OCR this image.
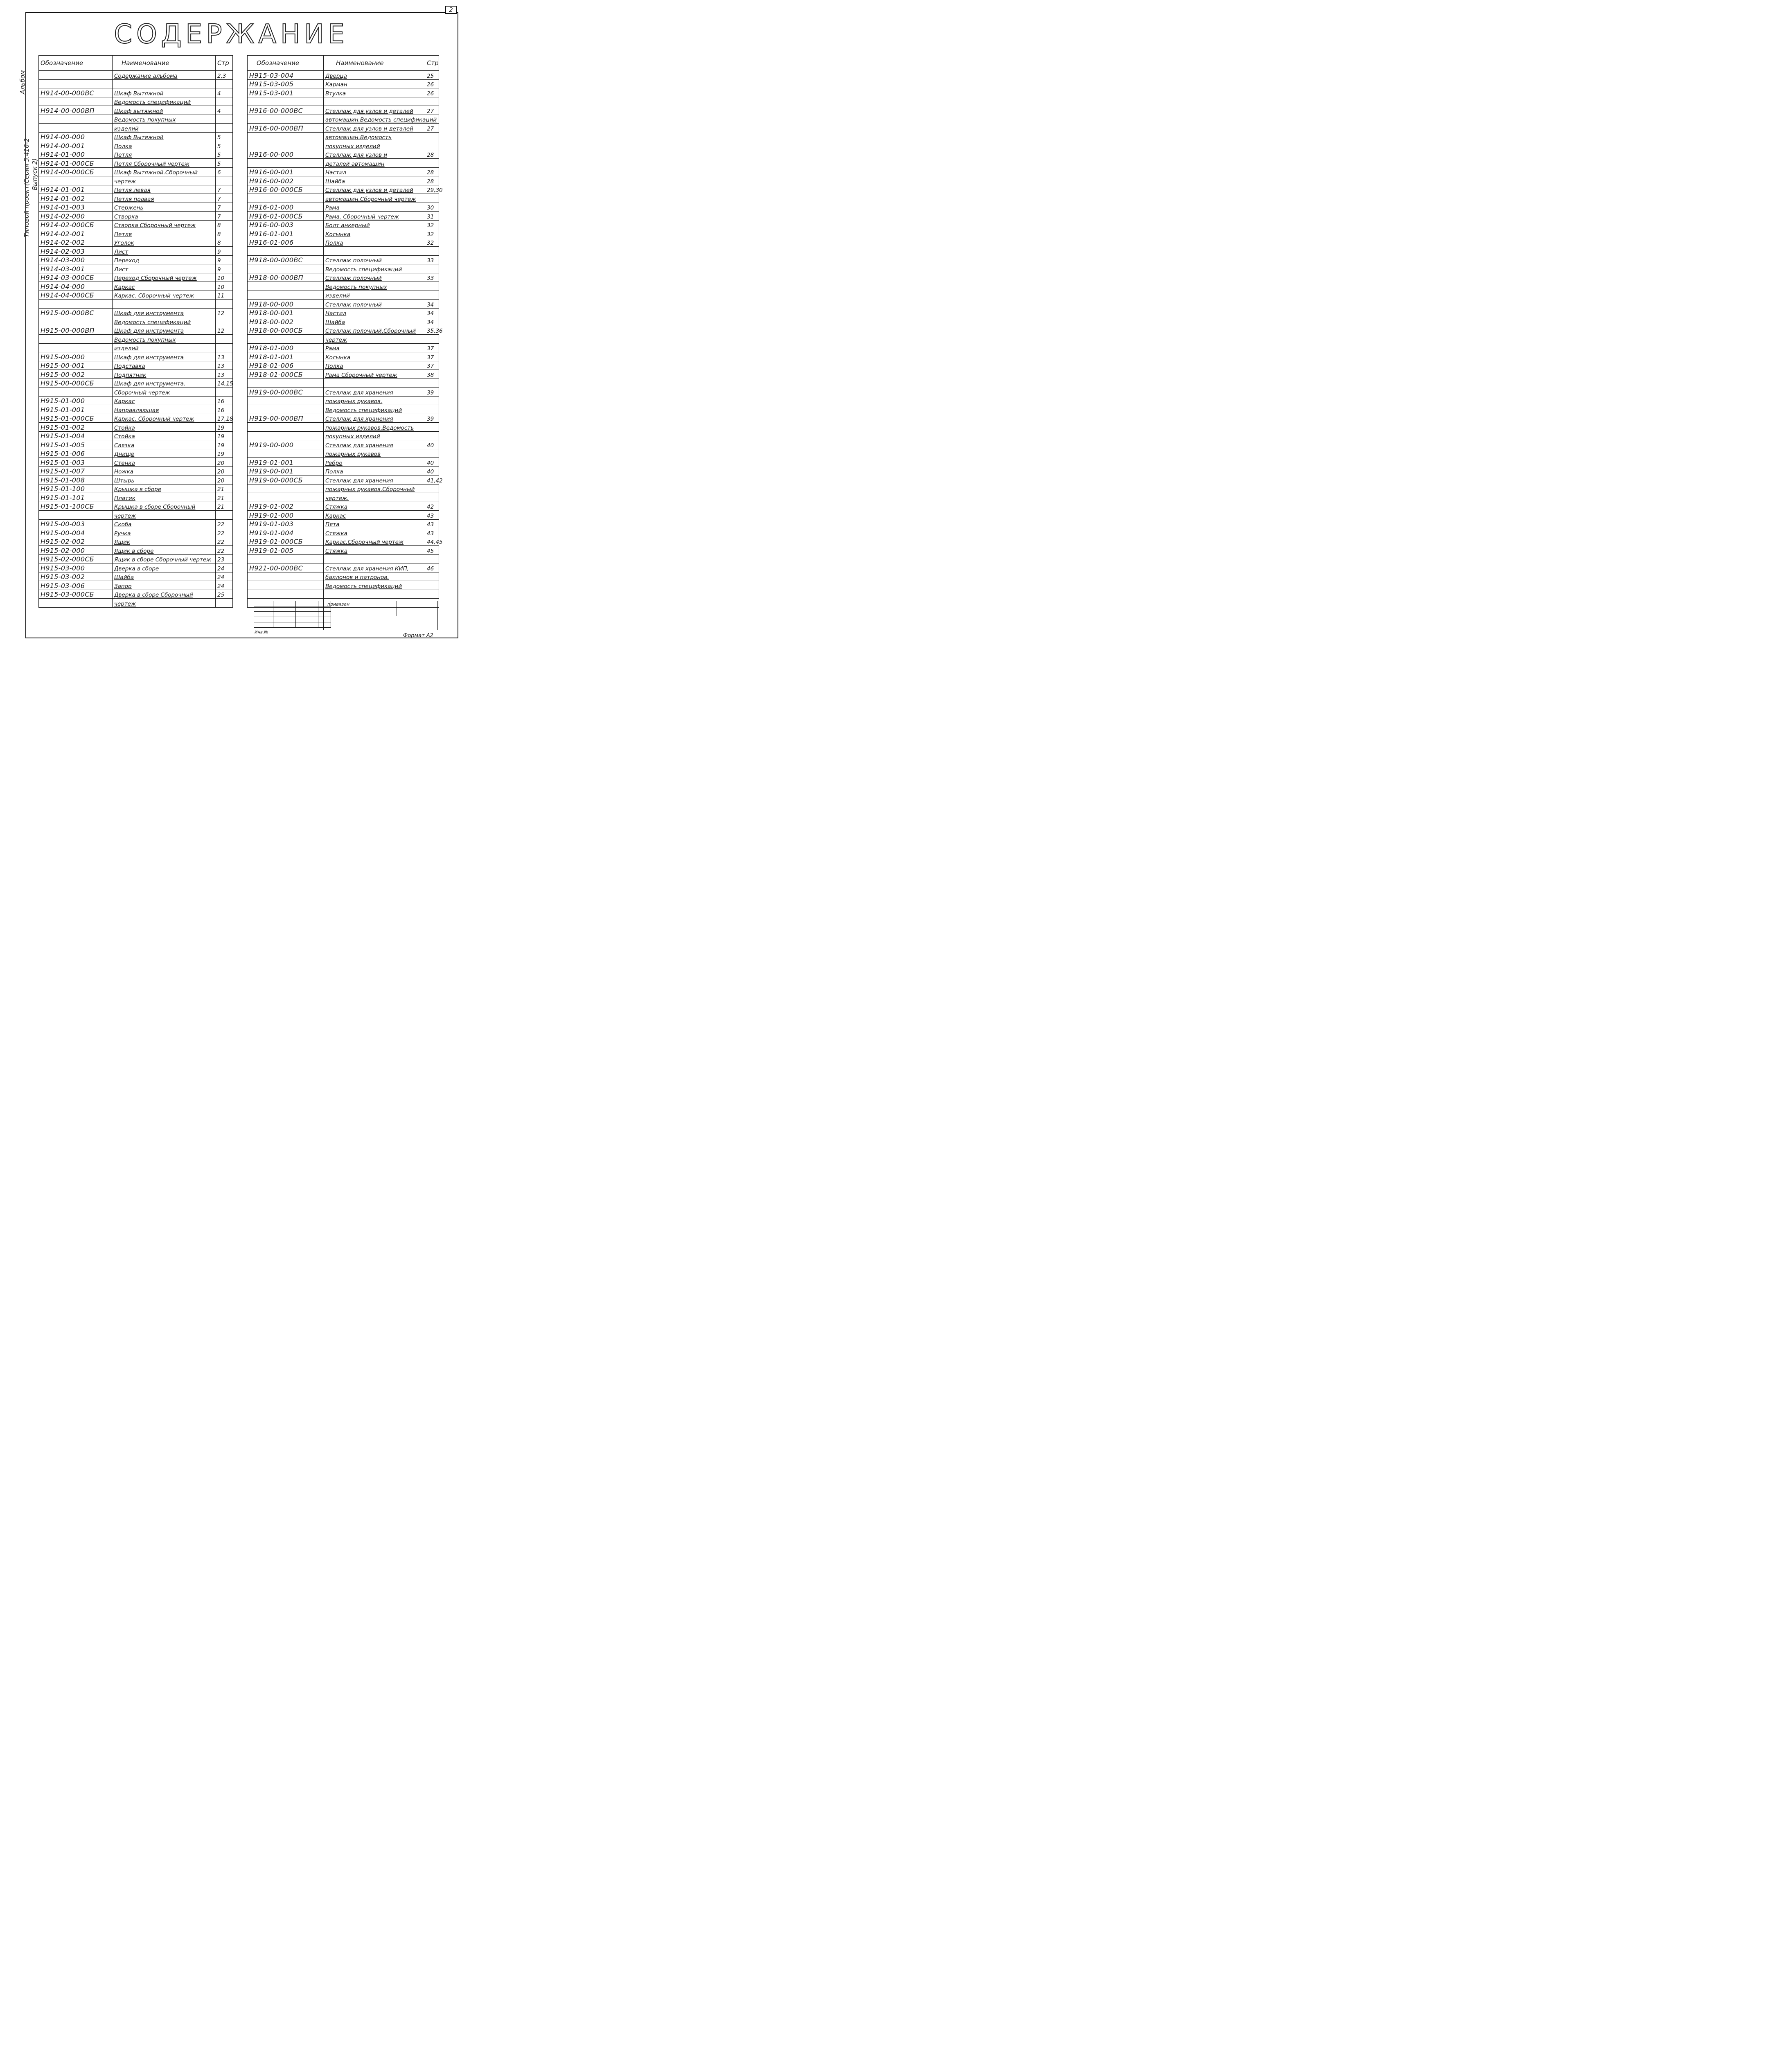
2
СОДЕРЖАНИЕ
Альбом
Типовой проект(Серия 5.416-2 Выпуск 2)
Обозначение	Наименование	Стр
	Содержание альбома	2,3

Н914-00-000ВС	Шкаф Вытяжной	4
	Ведомость спецификаций	
Н914-00-000ВП	Шкаф вытяжной	4
	Ведомость покупных	
	изделий	
Н914-00-000	Шкаф Вытяжной	5
Н914-00-001	Полка	5
Н914-01-000	Петля	5
Н914-01-000СБ	Петля Сборочный чертеж	5
Н914-00-000СБ	Шкаф Вытяжной.Сборочный	6
	чертеж	
Н914-01-001	Петля левая	7
Н914-01-002	Петля правая	7
Н914-01-003	Стержень	7
Н914-02-000	Створка	7
Н914-02-000СБ	Створка Сборочный чертеж	8
Н914-02-001	Петля	8
Н914-02-002	Уголок	8
Н914-02-003	Лист	9
Н914-03-000	Переход	9
Н914-03-001	Лист	9
Н914-03-000СБ	Переход Сборочный чертеж	10
Н914-04-000	Каркас	10
Н914-04-000СБ	Каркас. Сборочный чертеж	11

Н915-00-000ВС	Шкаф для инструмента	12
	Ведомость спецификаций	
Н915-00-000ВП	Шкаф для инструмента	12
	Ведомость покупных	
	изделий	
Н915-00-000	Шкаф для инструмента	13
Н915-00-001	Подставка	13
Н915-00-002	Подпятник	13
Н915-00-000СБ	Шкаф для инструмента.	14,15
	Сборочный чертеж	
Н915-01-000	Каркас	16
Н915-01-001	Направляющая	16
Н915-01-000СБ	Каркас. Сборочный чертеж	17,18
Н915-01-002	Стойка	19
Н915-01-004	Стойка	19
Н915-01-005	Связка	19
Н915-01-006	Днище	19
Н915-01-003	Стенка	20
Н915-01-007	Ножка	20
Н915-01-008	Штырь	20
Н915-01-100	Крышка в сборе	21
Н915-01-101	Платик	21
Н915-01-100СБ	Крышка в сборе Сборочный	21
	чертеж	
Н915-00-003	Скоба	22
Н915-00-004	Ручка	22
Н915-02-002	Ящик	22
Н915-02-000	Ящик в сборе	22
Н915-02-000СБ	Ящик в сборе Сборочный чертеж	23
Н915-03-000	Дверка в сборе	24
Н915-03-002	Шайба	24
Н915-03-006	Запор	24
Н915-03-000СБ	Дверка в сборе Сборочный	25
	чертеж	
Обозначение	Наименование	Стр
Н915-03-004	Дверца	25
Н915-03-005	Карман	26
Н915-03-001	Втулка	26

Н916-00-000ВС	Стеллаж для узлов и деталей	27
	автомашин.Ведомость спецификаций	
Н916-00-000ВП	Стеллаж для узлов и деталей	27
	автомашин.Ведомость	
	покупных изделий	
Н916-00-000	Стеллаж для узлов и	28
	деталей автомашин	
Н916-00-001	Настил	28
Н916-00-002	Шайба	28
Н916-00-000СБ	Стеллаж для узлов и деталей	29,30
	автомашин.Сборочный чертеж	
Н916-01-000	Рама	30
Н916-01-000СБ	Рама. Сборочный чертеж	31
Н916-00-003	Болт анкерный	32
Н916-01-001	Косынка	32
Н916-01-006	Полка	32

Н918-00-000ВС	Стеллаж полочный	33
	Ведомость спецификаций	
Н918-00-000ВП	Стеллаж полочный	33
	Ведомость покупных	
	изделий	
Н918-00-000	Стеллаж полочный	34
Н918-00-001	Настил	34
Н918-00-002	Шайба	34
Н918-00-000СБ	Стеллаж полочный.Сборочный	35,36
	чертеж	
Н918-01-000	Рама	37
Н918-01-001	Косынка	37
Н918-01-006	Полка	37
Н918-01-000СБ	Рама Сборочный чертеж	38

Н919-00-000ВС	Стеллаж для хранения	39
	пожарных рукавов.	
	Ведомость спецификаций	
Н919-00-000ВП	Стеллаж для хранения	39
	пожарных рукавов.Ведомость	
	покупных изделий	
Н919-00-000	Стеллаж для хранения	40
	пожарных рукавов	
Н919-01-001	Ребро	40
Н919-00-001	Полка	40
Н919-00-000СБ	Стеллаж для хранения	41,42
	пожарных рукавов.Сборочный	
	чертеж.	
Н919-01-002	Стяжка	42
Н919-01-000	Каркас	43
Н919-01-003	Пята	43
Н919-01-004	Стяжка	43
Н919-01-000СБ	Каркас.Сборочный чертеж	44,45
Н919-01-005	Стяжка	45

Н921-00-000ВС	Стеллаж для хранения КИП,	46
	баллонов и патронов.	
	Ведомость спецификаций	

привязан
Инв.№
Формат А2
